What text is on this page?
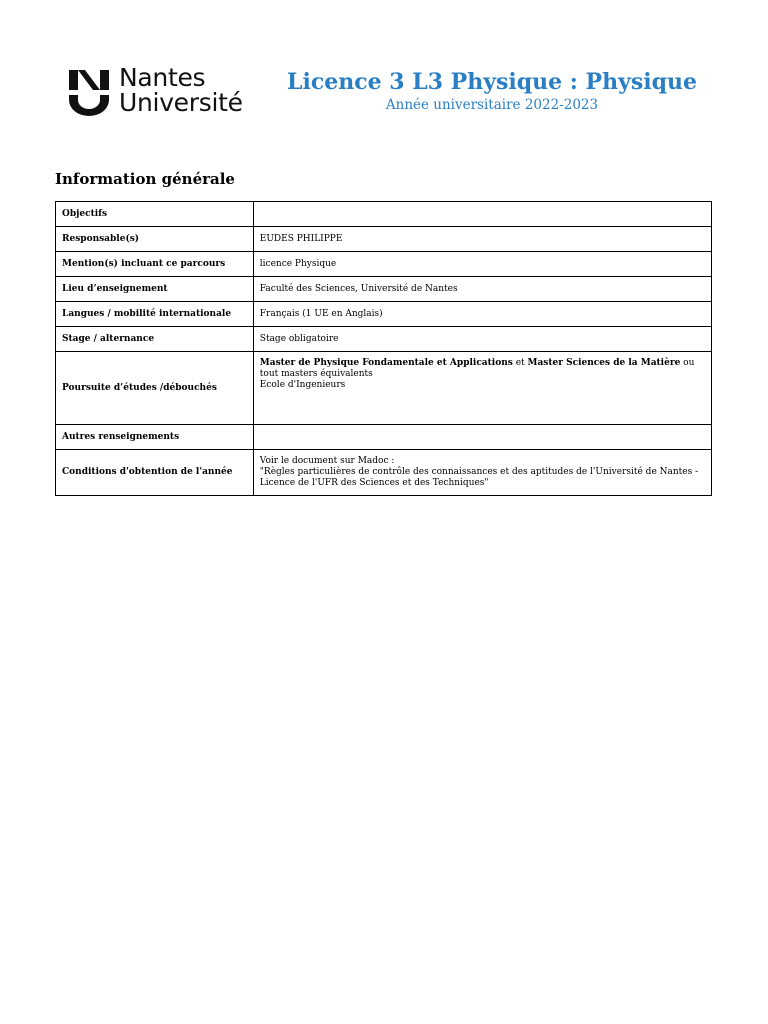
Nantes
Université
Licence 3 L3 Physique : Physique
Année universitaire 2022-2023
Information générale
Objectifs	
Responsable(s)	EUDES PHILIPPE
Mention(s) incluant ce parcours	licence Physique
Lieu d’enseignement	Faculté des Sciences, Université de Nantes
Langues / mobilité internationale	Français (1 UE en Anglais)
Stage / alternance	Stage obligatoire
Poursuite d’études /débouchés	Master de Physique Fondamentale et Applications et Master Sciences de la Matière ou tout masters équivalents
Ecole d'Ingenieurs

Autres renseignements	
Conditions d'obtention de l'année	Voir le document sur Madoc :
"Règles particulières de contrôle des connaissances et des aptitudes de l'Université de Nantes - Licence de l'UFR des Sciences et des Techniques"
